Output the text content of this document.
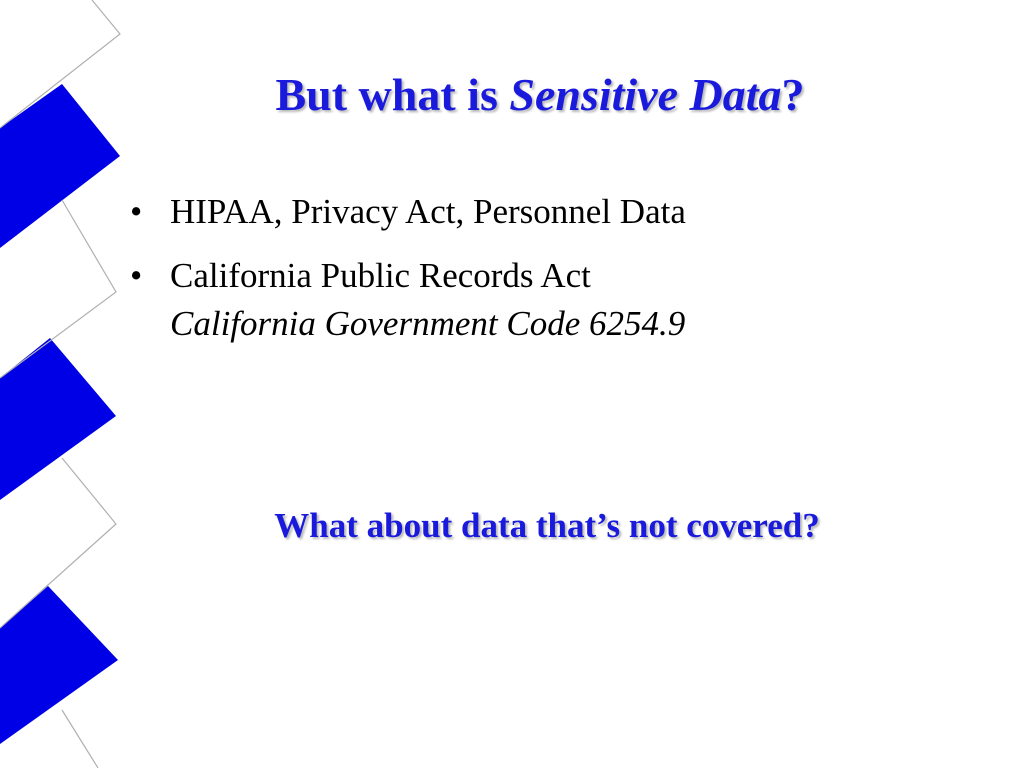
But what is Sensitive Data?
• HIPAA, Privacy Act, Personnel Data
• California Public Records Act
California Government Code 6254.9

What about data that’s not covered?
